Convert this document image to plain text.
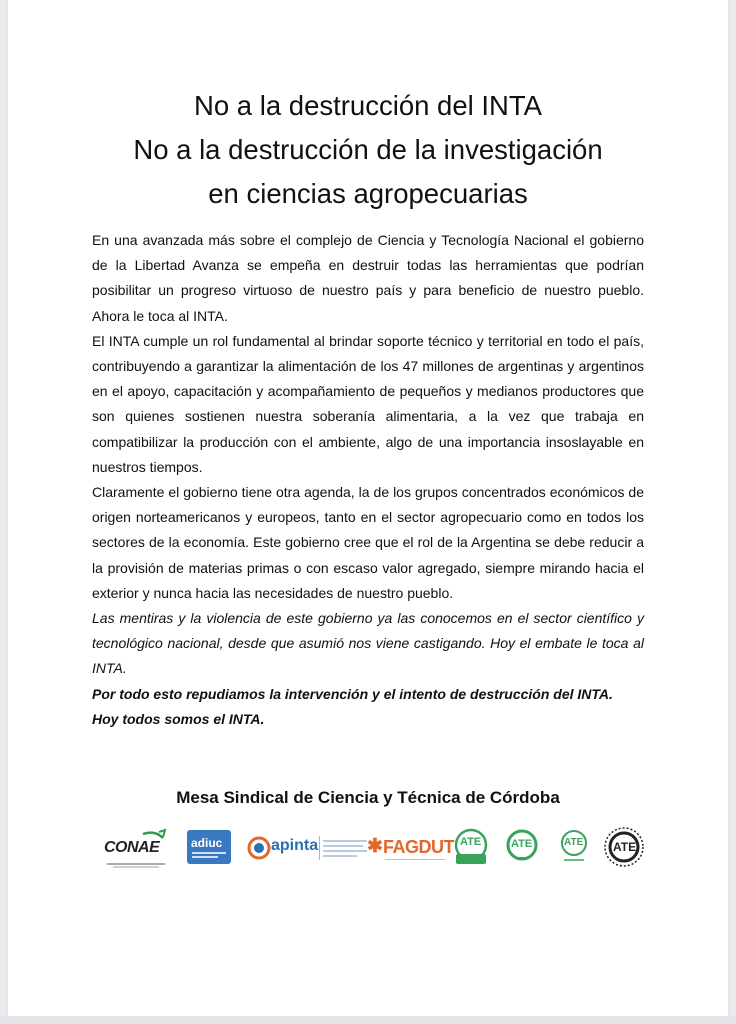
No a la destrucción del INTA
No a la destrucción de la investigación
en ciencias agropecuarias

En una avanzada más sobre el complejo de Ciencia y Tecnología Nacional el gobierno de la Libertad Avanza se empeña en destruir todas las herramientas que podrían posibilitar un progreso virtuoso de nuestro país y para beneficio de nuestro pueblo. Ahora le toca al INTA.

El INTA cumple un rol fundamental al brindar soporte técnico y territorial en todo el país, contribuyendo a garantizar la alimentación de los 47 millones de argentinas y argentinos en el apoyo, capacitación y acompañamiento de pequeños y medianos productores que son quienes sostienen nuestra soberanía alimentaria, a la vez que trabaja en compatibilizar la producción con el ambiente, algo de una importancia insoslayable en nuestros tiempos.

Claramente el gobierno tiene otra agenda, la de los grupos concentrados económicos de origen norteamericanos y europeos, tanto en el sector agropecuario como en todos los sectores de la economía. Este gobierno cree que el rol de la Argentina se debe reducir a la provisión de materias primas o con escaso valor agregado, siempre mirando hacia el exterior y nunca hacia las necesidades de nuestro pueblo.

Las mentiras y la violencia de este gobierno ya las conocemos en el sector científico y tecnológico nacional, desde que asumió nos viene castigando. Hoy el embate le toca al INTA.

Por todo esto repudiamos la intervención y el intento de destrucción del INTA.

Hoy todos somos el INTA.

Mesa Sindical de Ciencia y Técnica de Córdoba
CONAE	adiuc	apinta	✱ FAGDUT ATE	ATE	ATE ATE
